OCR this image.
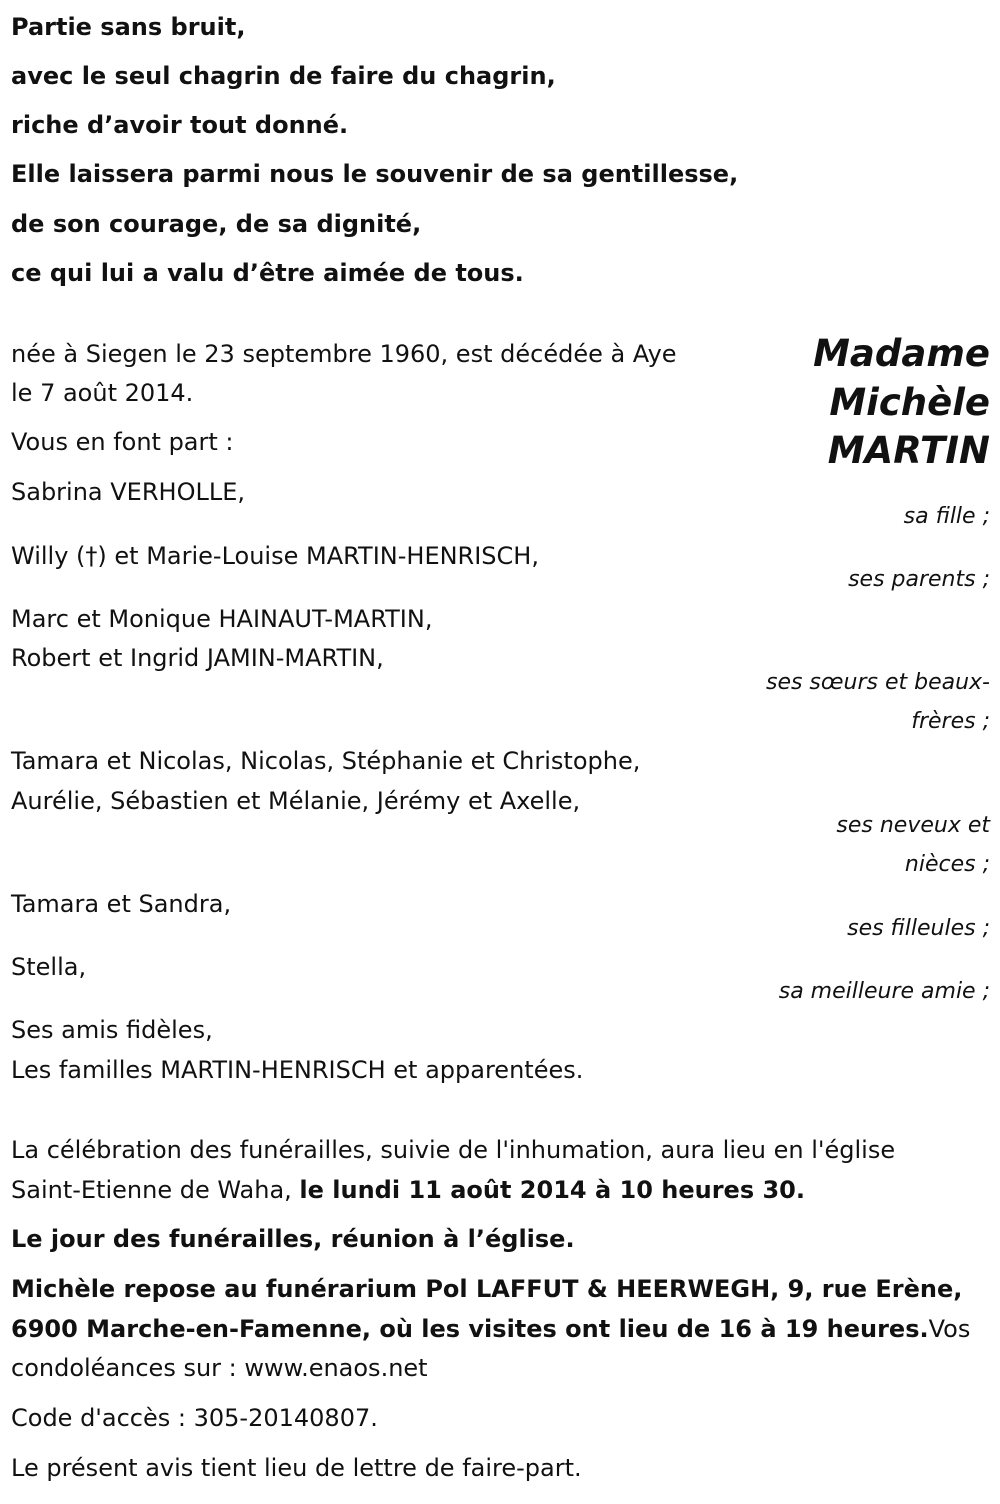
Partie sans bruit,
avec le seul chagrin de faire du chagrin,
riche d’avoir tout donné.
Elle laissera parmi nous le souvenir de sa gentillesse,
de son courage, de sa dignité,
ce qui lui a valu d’être aimée de tous.
Madame
Michèle
MARTIN
née à Siegen le 23 septembre 1960, est décédée à Aye
le 7 août 2014.
Vous en font part :
Sabrina VERHOLLE,
sa fille ;
Willy (†) et Marie-Louise MARTIN-HENRISCH,
ses parents ;
Marc et Monique HAINAUT-MARTIN,
Robert et Ingrid JAMIN-MARTIN,
ses sœurs et beaux-
frères ;
Tamara et Nicolas, Nicolas, Stéphanie et Christophe,
Aurélie, Sébastien et Mélanie, Jérémy et Axelle,
ses neveux et
nièces ;
Tamara et Sandra,
ses filleules ;
Stella,
sa meilleure amie ;
Ses amis fidèles,
Les familles MARTIN-HENRISCH et apparentées.
La célébration des funérailles, suivie de l'inhumation, aura lieu en l'église
Saint-Etienne de Waha, le lundi 11 août 2014 à 10 heures 30.
Le jour des funérailles, réunion à l’église.
Michèle repose au funérarium Pol LAFFUT & HEERWEGH, 9, rue Erène,
6900 Marche-en-Famenne, où les visites ont lieu de 16 à 19 heures.Vos
condoléances sur : www.enaos.net
Code d'accès : 305-20140807.
Le présent avis tient lieu de lettre de faire-part.
